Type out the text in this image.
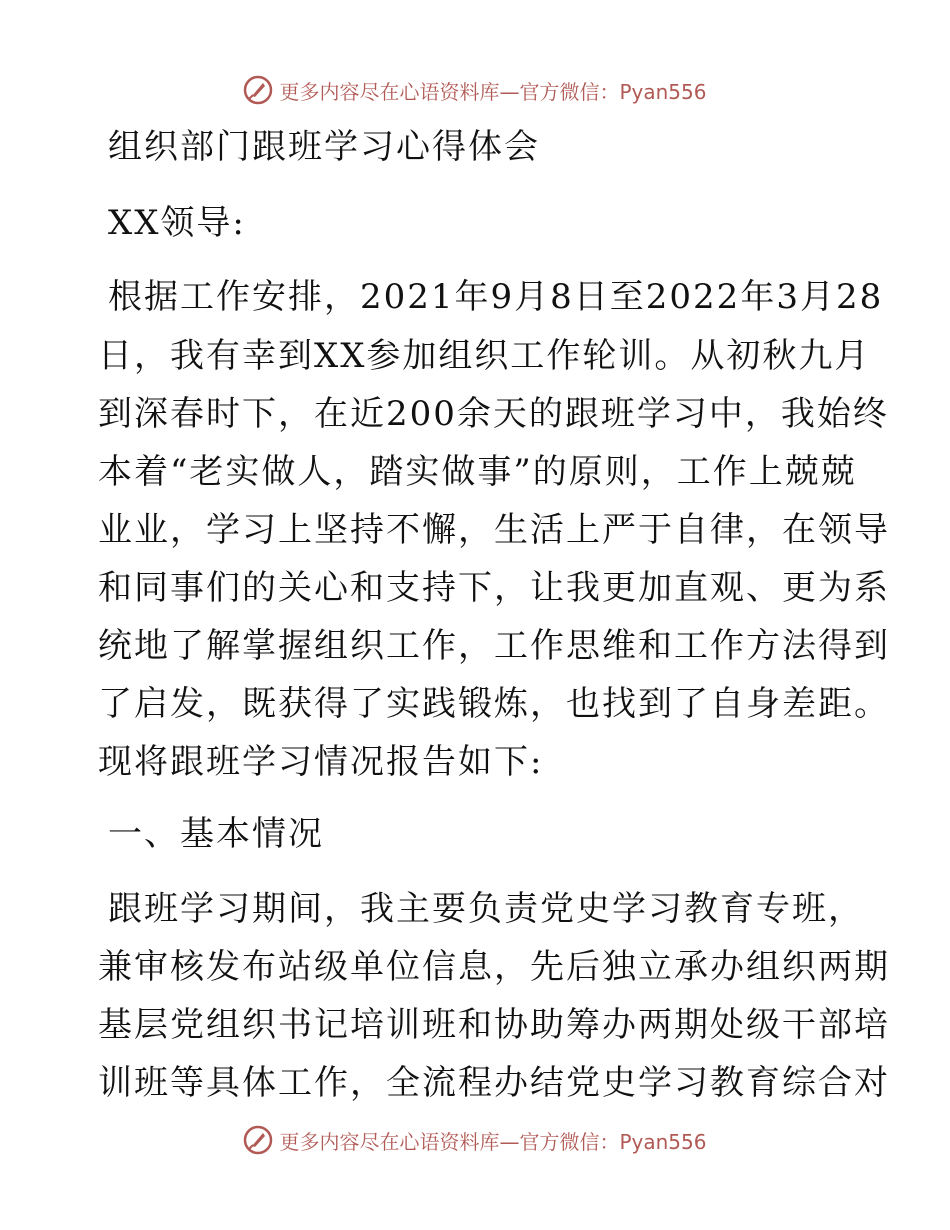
更多内容尽在心语资料库—官方微信：Pyan556
组织部门跟班学习心得体会
XX领导:
根据工作安排，2021年9月8日至2022年3月28
日，我有幸到XX参加组织工作轮训。从初秋九月
到深春时下，在近200余天的跟班学习中，我始终
本着“老实做人，踏实做事”的原则，工作上兢兢
业业，学习上坚持不懈，生活上严于自律，在领导
和同事们的关心和支持下，让我更加直观、更为系
统地了解掌握组织工作，工作思维和工作方法得到
了启发，既获得了实践锻炼，也找到了自身差距。
现将跟班学习情况报告如下:
一、基本情况
跟班学习期间，我主要负责党史学习教育专班，
兼审核发布站级单位信息，先后独立承办组织两期
基层党组织书记培训班和协助筹办两期处级干部培
训班等具体工作，全流程办结党史学习教育综合对
更多内容尽在心语资料库—官方微信：Pyan556
